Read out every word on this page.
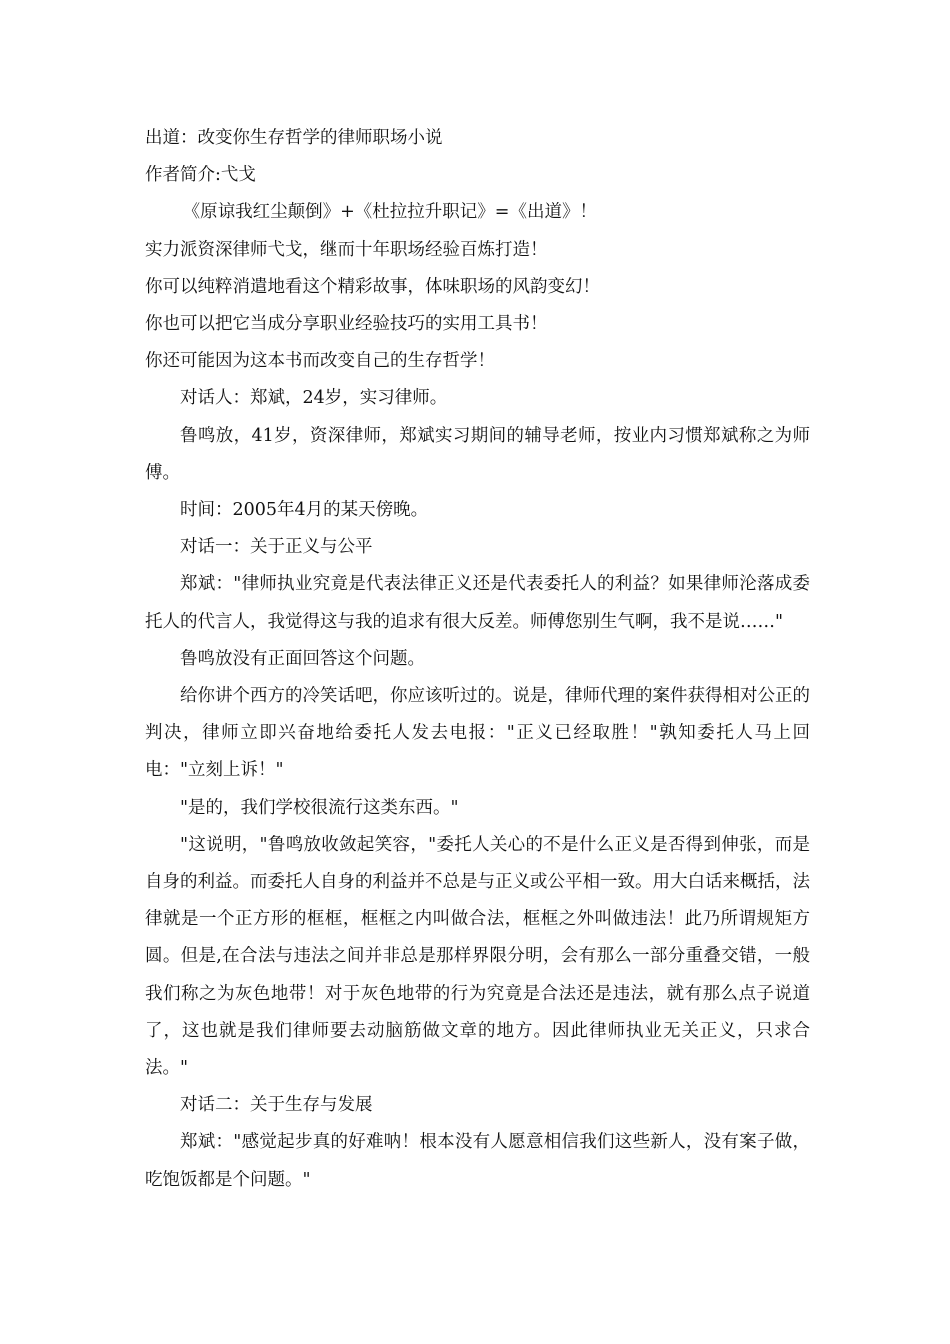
出道：改变你生存哲学的律师职场小说
作者简介:弋戈
《原谅我红尘颠倒》+《杜拉拉升职记》=《出道》！
实力派资深律师弋戈，继而十年职场经验百炼打造！
你可以纯粹消遣地看这个精彩故事，体味职场的风韵变幻！
你也可以把它当成分享职业经验技巧的实用工具书！
你还可能因为这本书而改变自己的生存哲学！

对话人：郑斌，24岁，实习律师。

鲁鸣放，41岁，资深律师，郑斌实习期间的辅导老师，按业内习惯郑斌称之为师傅。

时间：2005年4月的某天傍晚。

对话一：关于正义与公平

郑斌："律师执业究竟是代表法律正义还是代表委托人的利益？如果律师沦落成委托人的代言人，我觉得这与我的追求有很大反差。师傅您别生气啊，我不是说……"

鲁鸣放没有正面回答这个问题。

给你讲个西方的冷笑话吧，你应该听过的。说是，律师代理的案件获得相对公正的判决，律师立即兴奋地给委托人发去电报："正义已经取胜！"孰知委托人马上回电："立刻上诉！"

"是的，我们学校很流行这类东西。"

"这说明，"鲁鸣放收敛起笑容，"委托人关心的不是什么正义是否得到伸张，而是自身的利益。而委托人自身的利益并不总是与正义或公平相一致。用大白话来概括，法律就是一个正方形的框框，框框之内叫做合法，框框之外叫做违法！此乃所谓规矩方圆。但是,在合法与违法之间并非总是那样界限分明，会有那么一部分重叠交错，一般我们称之为灰色地带！对于灰色地带的行为究竟是合法还是违法，就有那么点子说道了，这也就是我们律师要去动脑筋做文章的地方。因此律师执业无关正义，只求合法。"

对话二：关于生存与发展

郑斌："感觉起步真的好难呐！根本没有人愿意相信我们这些新人，没有案子做，吃饱饭都是个问题。"
